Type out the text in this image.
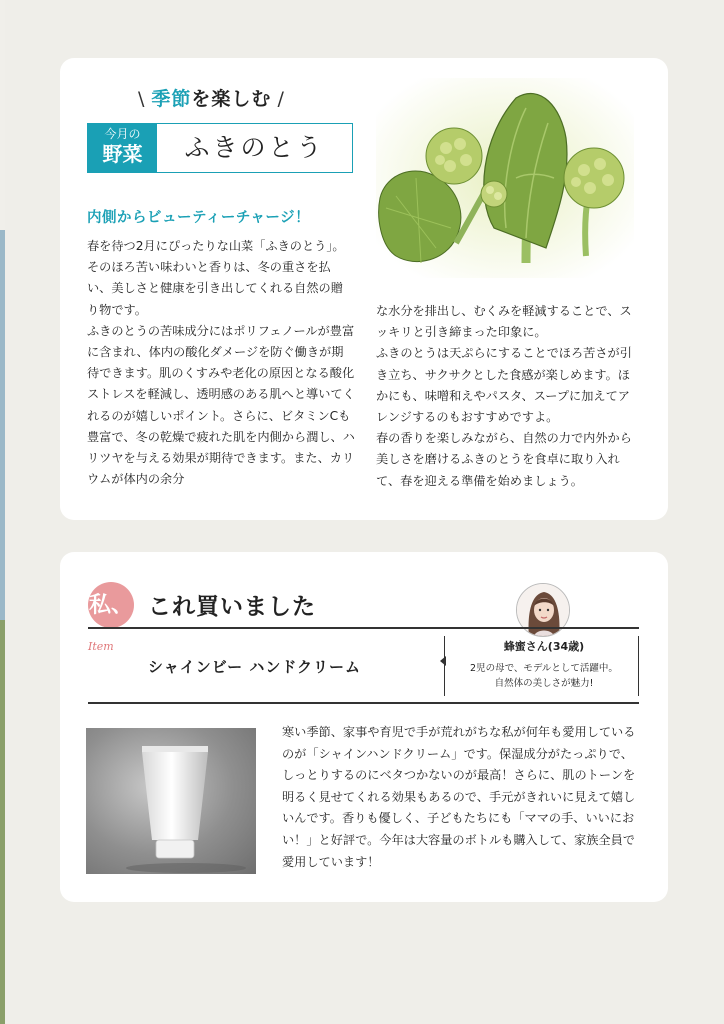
\ 季節を楽しむ /
今月の
野菜	ふきのとう
内側からビューティーチャージ！
春を待つ2月にぴったりな山菜「ふきのとう」。そのほろ苦い味わいと香りは、冬の重さを払い、美しさと健康を引き出してくれる自然の贈り物です。
ふきのとうの苦味成分にはポリフェノールが豊富に含まれ、体内の酸化ダメージを防ぐ働きが期待できます。肌のくすみや老化の原因となる酸化ストレスを軽減し、透明感のある肌へと導いてくれるのが嬉しいポイント。さらに、ビタミンCも豊富で、冬の乾燥で疲れた肌を内側から潤し、ハリツヤを与える効果が期待できます。また、カリウムが体内の余分
な水分を排出し、むくみを軽減することで、スッキリと引き締まった印象に。
ふきのとうは天ぷらにすることでほろ苦さが引き立ち、サクサクとした食感が楽しめます。ほかにも、味噌和えやパスタ、スープに加えてアレンジするのもおすすめですよ。
春の香りを楽しみながら、自然の力で内外から美しさを磨けるふきのとうを食卓に取り入れて、春を迎える準備を始めましょう。
私、 これ買いました
Item
シャインビー ハンドクリーム
蜂蜜さん(34歳)
2児の母で、モデルとして活躍中。
自然体の美しさが魅力!
寒い季節、家事や育児で手が荒れがちな私が何年も愛用しているのが「シャインハンドクリーム」です。保湿成分がたっぷりで、しっとりするのにベタつかないのが最高！さらに、肌のトーンを明るく見せてくれる効果もあるので、手元がきれいに見えて嬉しいんです。香りも優しく、子どもたちにも「ママの手、いいにおい！」と好評で。今年は大容量のボトルも購入して、家族全員で愛用しています！
